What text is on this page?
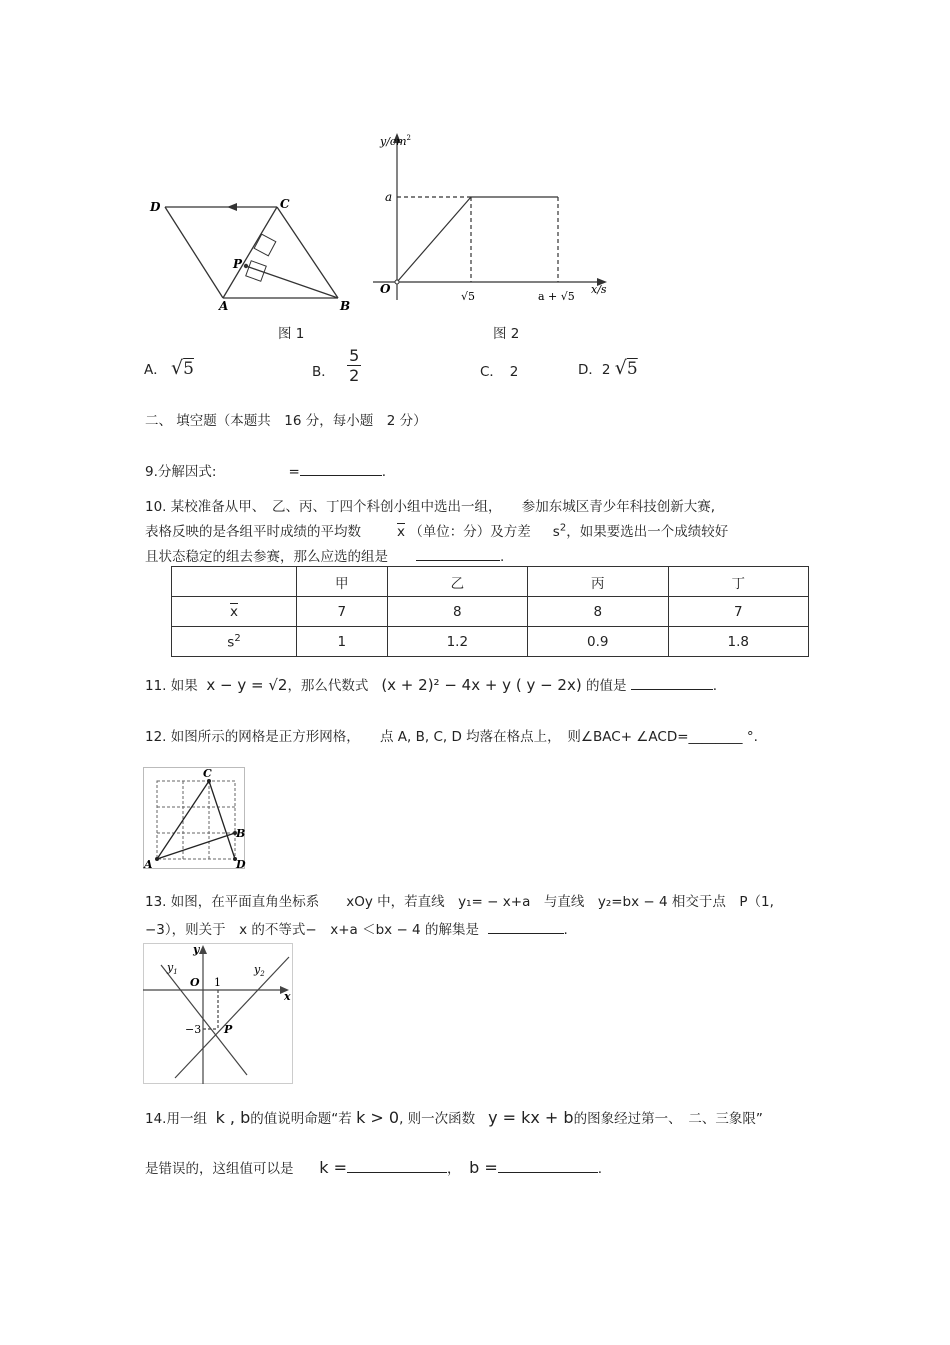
D	C
P
A	B
图 1
$y/cm^2$
a
O
√5	a + √5
x/s
图 2
A． √5	B． $\frac{5}{2}$	C．　 2	D．2 √5
二、 填空题（本题共　16 分，每小题　2 分）
9.分解因式:	=	.
10. 某校准备从甲、　乙、丙、丁四个科创小组中选出一组，　　参加东城区青少年科技创新大赛,
表格反映的是各组平时成绩的平均数	$\overline{x}$ （单位：分）及方差 $s^2$，如果要选出一个成绩较好
且状态稳定的组去参赛，那么应选的组是	.
	甲	乙	丙	丁
$\overline{x}$	7	8	8	7
$s^2$	1	1.2	0.9	1.8
11. 如果 x − y = √2，那么代数式 (x + 2)² − 4x + y ( y − 2x) 的值是	.
12. 如图所示的网格是正方形网格，　　点 A, B, C, D 均落在格点上，　则∠BAC+ ∠ACD=________ °.
A
C
B
D
13. 如图，在平面直角坐标系　　xOy 中，若直线　y₁= − x+a　与直线　y₂=bx − 4 相交于点　P（1,
−3），则关于　x 的不等式−　x+a ＜bx − 4 的解集是	.
y
x
O 1
−3 P
$y_1$	$y_2$
14.用一组 k , b的值说明命题“若 k > 0, 则一次函数 y = kx + b的图象经过第一、　二、三象限”
是错误的，这组值可以是 k =	， b =	.
